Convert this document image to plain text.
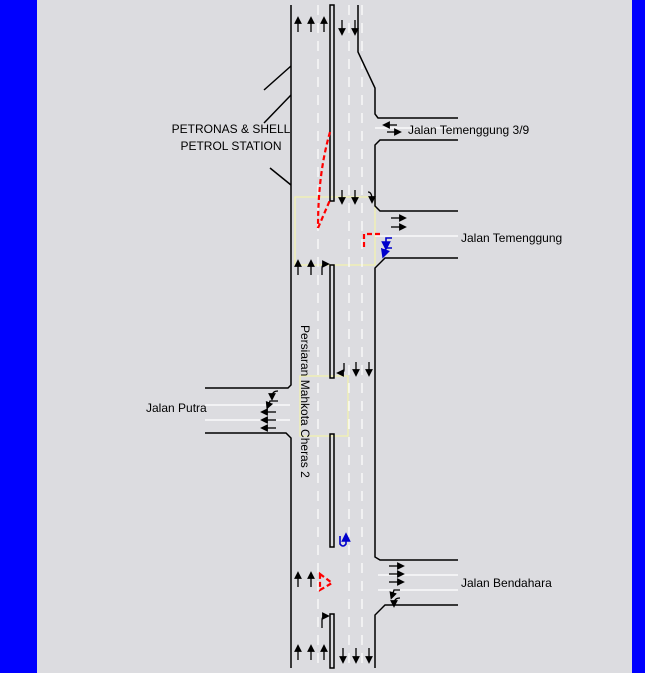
PETRONAS & SHELL
PETROL STATION
Jalan Temenggung 3/9
Jalan Temenggung
Jalan Putra
Jalan Bendahara
Persiaran Mahkota Cheras 2
